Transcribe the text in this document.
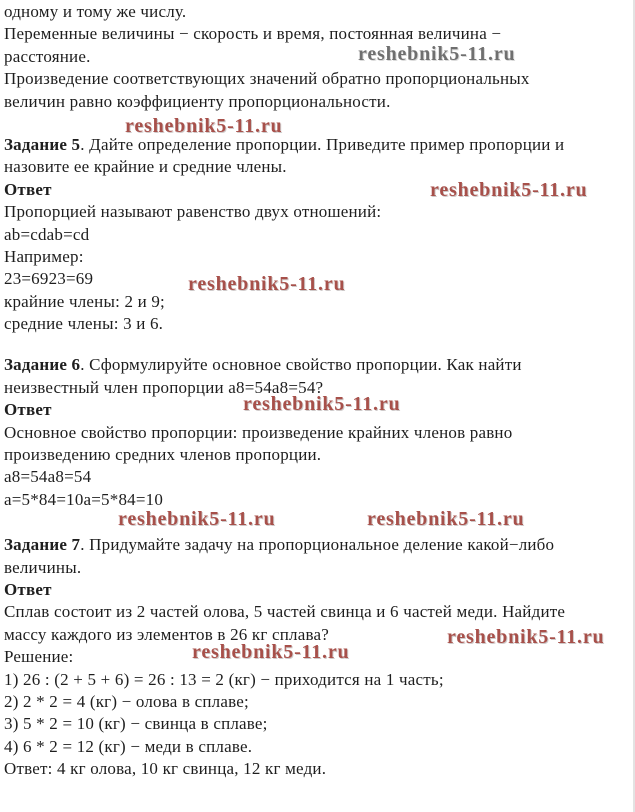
reshebnik5-11.ru
reshebnik5-11.ru
reshebnik5-11.ru
reshebnik5-11.ru
reshebnik5-11.ru
reshebnik5-11.ru	reshebnik5-11.ru
reshebnik5-11.ru
reshebnik5-11.ru
одному и тому же числу.
Переменные величины − скорость и время, постоянная величина −
расстояние.
Произведение соответствующих значений обратно пропорциональных
величин равно коэффициенту пропорциональности.
Задание 5. Дайте определение пропорции. Приведите пример пропорции и
назовите ее крайние и средние члены.
Ответ
Пропорцией называют равенство двух отношений:
ab=cdab=cd
Например:
23=6923=69
крайние члены: 2 и 9;
средние члены: 3 и 6.
Задание 6. Сформулируйте основное свойство пропорции. Как найти
неизвестный член пропорции a8=54a8=54?
Ответ
Основное свойство пропорции: произведение крайних членов равно
произведению средних членов пропорции.
a8=54a8=54
a=5*84=10a=5*84=10
Задание 7. Придумайте задачу на пропорциональное деление какой−либо
величины.
Ответ
Сплав состоит из 2 частей олова, 5 частей свинца и 6 частей меди. Найдите
массу каждого из элементов в 26 кг сплава?
Решение:
1) 26 : (2 + 5 + 6) = 26 : 13 = 2 (кг) − приходится на 1 часть;
2) 2 * 2 = 4 (кг) − олова в сплаве;
3) 5 * 2 = 10 (кг) − свинца в сплаве;
4) 6 * 2 = 12 (кг) − меди в сплаве.
Ответ: 4 кг олова, 10 кг свинца, 12 кг меди.
